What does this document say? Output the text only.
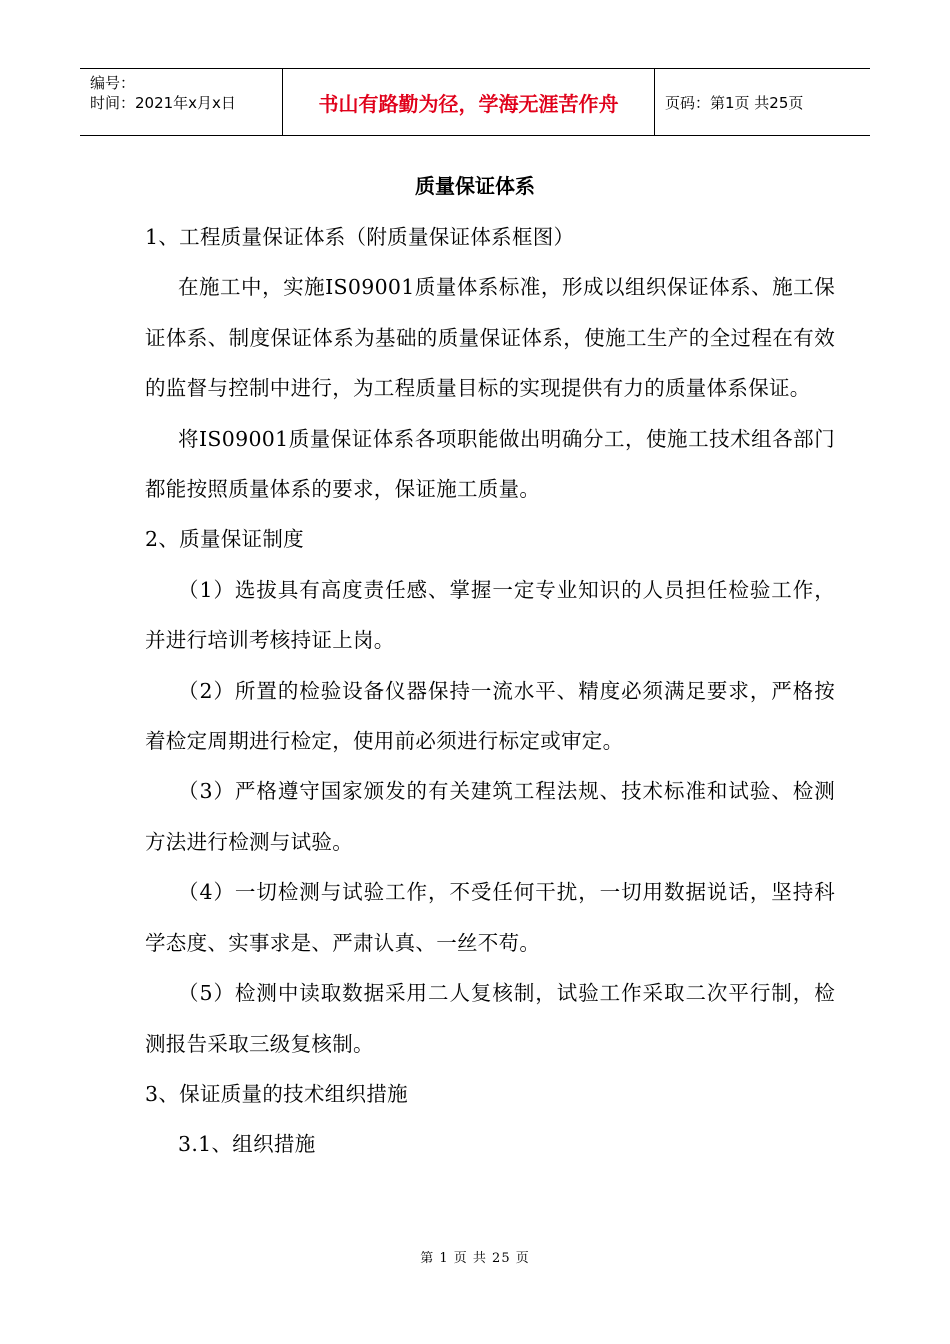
编号：
时间：2021年x月x日	书山有路勤为径，学海无涯苦作舟	页码：第1页 共25页
质量保证体系

1、工程质量保证体系（附质量保证体系框图）

在施工中，实施IS09001质量体系标准，形成以组织保证体系、施工保证体系、制度保证体系为基础的质量保证体系，使施工生产的全过程在有效的监督与控制中进行，为工程质量目标的实现提供有力的质量体系保证。

将IS09001质量保证体系各项职能做出明确分工，使施工技术组各部门都能按照质量体系的要求，保证施工质量。

2、质量保证制度

（1）选拔具有高度责任感、掌握一定专业知识的人员担任检验工作，并进行培训考核持证上岗。

（2）所置的检验设备仪器保持一流水平、精度必须满足要求，严格按着检定周期进行检定，使用前必须进行标定或审定。

（3）严格遵守国家颁发的有关建筑工程法规、技术标准和试验、检测方法进行检测与试验。

（4）一切检测与试验工作，不受任何干扰，一切用数据说话，坚持科学态度、实事求是、严肃认真、一丝不苟。

（5）检测中读取数据采用二人复核制，试验工作采取二次平行制，检测报告采取三级复核制。

3、保证质量的技术组织措施

3.1、组织措施

第 1 页 共 25 页
